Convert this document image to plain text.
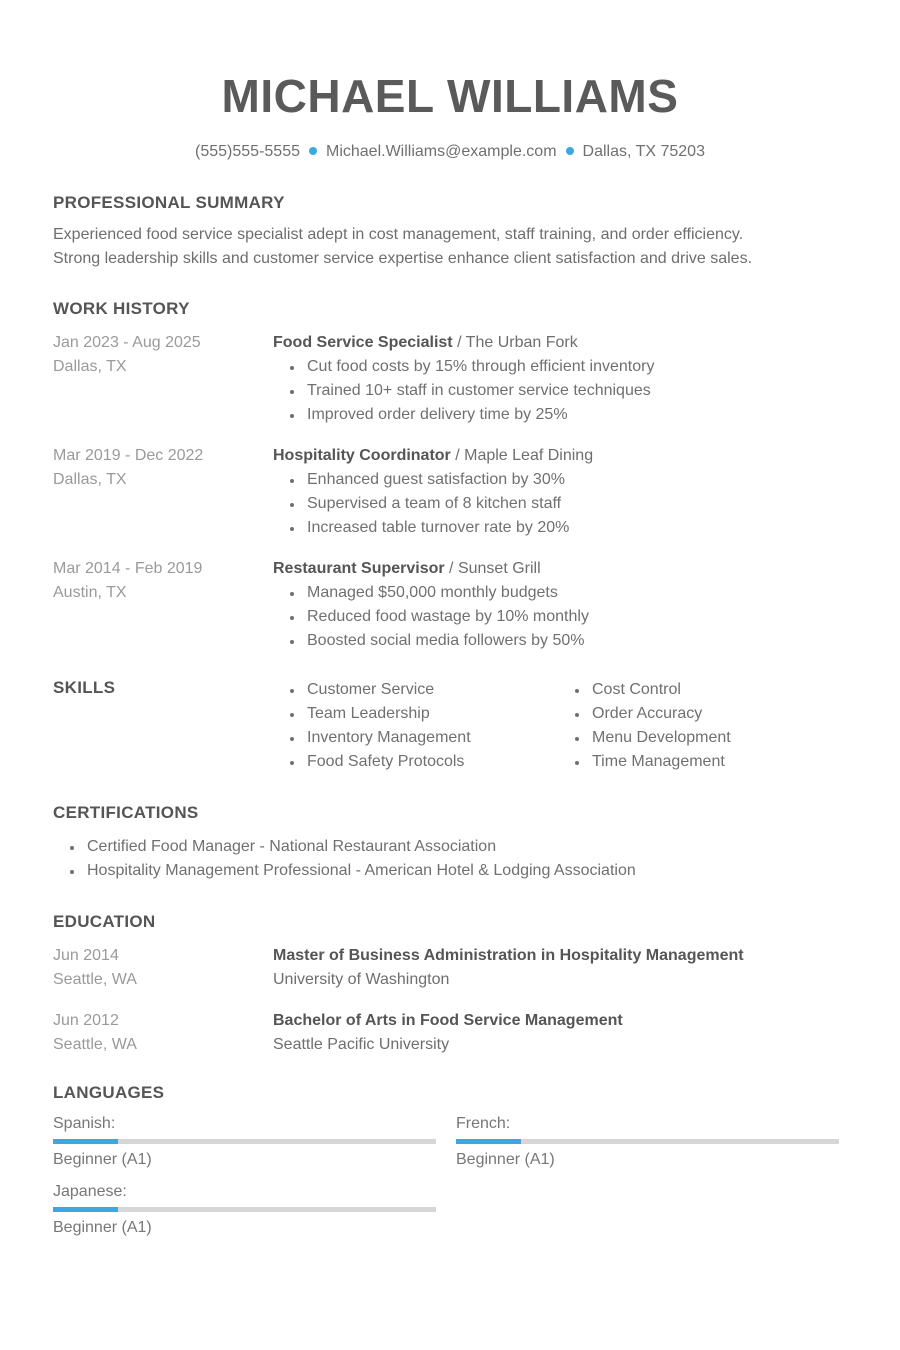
MICHAEL WILLIAMS
(555)555-5555 Michael.Williams@example.com Dallas, TX 75203
PROFESSIONAL SUMMARY
Experienced food service specialist adept in cost management, staff training, and order efficiency.
Strong leadership skills and customer service expertise enhance client satisfaction and drive sales.
WORK HISTORY
Jan 2023 - Aug 2025
Dallas, TX
Food Service Specialist / The Urban Fork
Cut food costs by 15% through efficient inventory
Trained 10+ staff in customer service techniques
Improved order delivery time by 25%
Mar 2019 - Dec 2022
Dallas, TX
Hospitality Coordinator / Maple Leaf Dining
Enhanced guest satisfaction by 30%
Supervised a team of 8 kitchen staff
Increased table turnover rate by 20%
Mar 2014 - Feb 2019
Austin, TX
Restaurant Supervisor / Sunset Grill
Managed $50,000 monthly budgets
Reduced food wastage by 10% monthly
Boosted social media followers by 50%
SKILLS	Customer Service
Team Leadership
Inventory Management
Food Safety Protocols
Cost Control
Order Accuracy
Menu Development
Time Management
CERTIFICATIONS
Certified Food Manager - National Restaurant Association
Hospitality Management Professional - American Hotel & Lodging Association
EDUCATION
Jun 2014
Seattle, WA
Master of Business Administration in Hospitality Management
University of Washington
Jun 2012
Seattle, WA
Bachelor of Arts in Food Service Management
Seattle Pacific University
LANGUAGES
Spanish:
Beginner (A1)
French:
Beginner (A1)
Japanese:
Beginner (A1)
